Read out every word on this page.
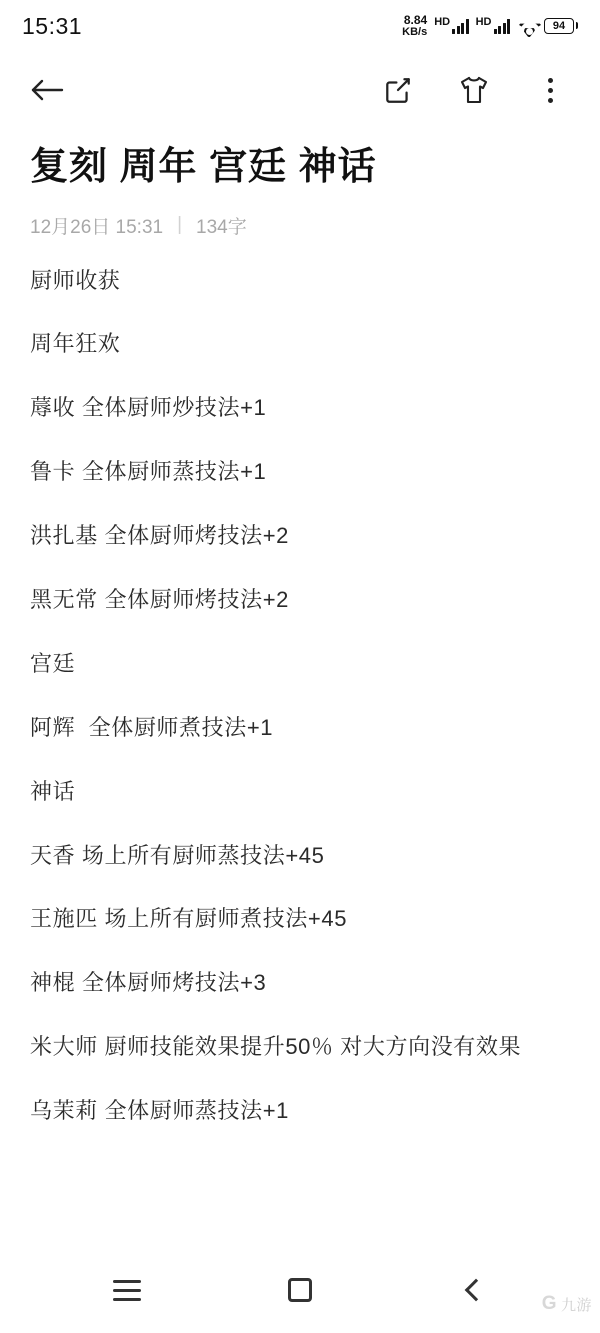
15:31	8.84
KB/s
HD HD	94
复刻 周年 宫廷 神话
12月26日 15:31 | 134字
厨师收获
周年狂欢
蓐收 全体厨师炒技法+1
鲁卡 全体厨师蒸技法+1
洪扎基 全体厨师烤技法+2
黑无常 全体厨师烤技法+2
宫廷
阿辉  全体厨师煮技法+1
神话
天香 场上所有厨师蒸技法+45
王施匹 场上所有厨师煮技法+45
神棍 全体厨师烤技法+3
米大师 厨师技能效果提升50％ 对大方向没有效果
乌茉莉 全体厨师蒸技法+1
G 九游
